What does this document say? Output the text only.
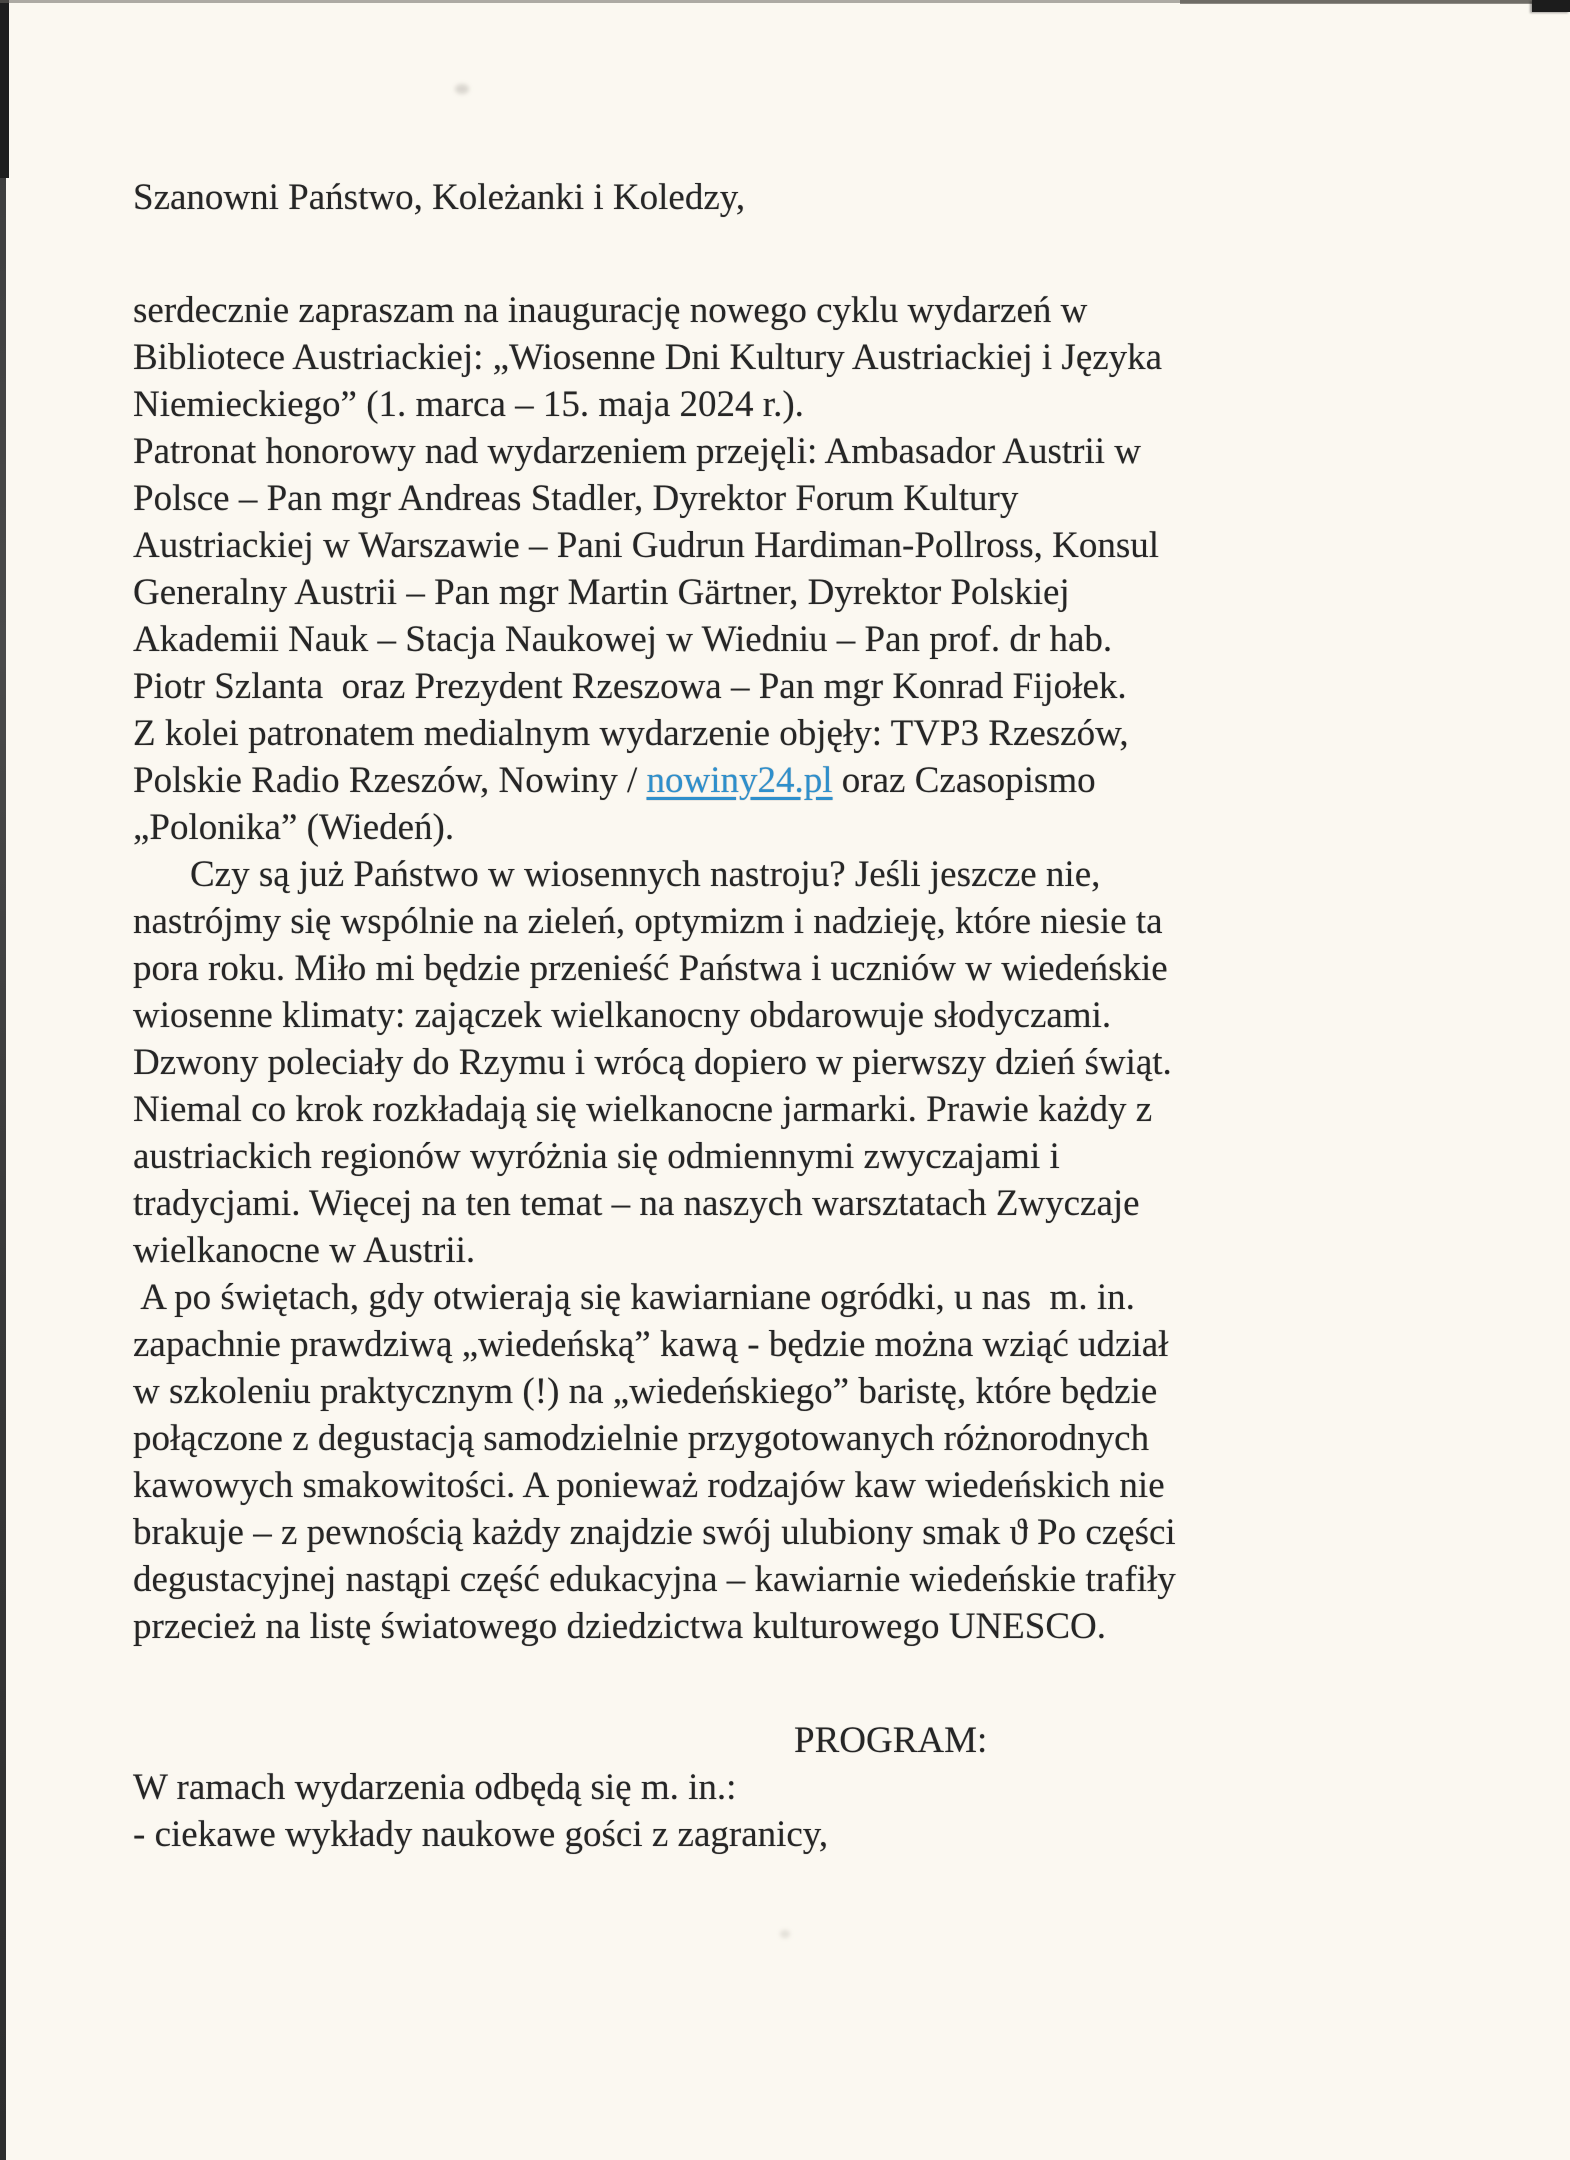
Szanowni Państwo, Koleżanki i Koledzy,
serdecznie zapraszam na inaugurację nowego cyklu wydarzeń w
Bibliotece Austriackiej: „Wiosenne Dni Kultury Austriackiej i Języka
Niemieckiego” (1. marca – 15. maja 2024 r.).
Patronat honorowy nad wydarzeniem przejęli: Ambasador Austrii w
Polsce – Pan mgr Andreas Stadler, Dyrektor Forum Kultury
Austriackiej w Warszawie – Pani Gudrun Hardiman-Pollross, Konsul
Generalny Austrii – Pan mgr Martin Gärtner, Dyrektor Polskiej
Akademii Nauk – Stacja Naukowej w Wiedniu – Pan prof. dr hab.
Piotr Szlanta  oraz Prezydent Rzeszowa – Pan mgr Konrad Fijołek.
Z kolei patronatem medialnym wydarzenie objęły: TVP3 Rzeszów,
Polskie Radio Rzeszów, Nowiny / nowiny24.pl oraz Czasopismo
„Polonika” (Wiedeń).
Czy są już Państwo w wiosennych nastroju? Jeśli jeszcze nie,
nastrójmy się wspólnie na zieleń, optymizm i nadzieję, które niesie ta
pora roku. Miło mi będzie przenieść Państwa i uczniów w wiedeńskie
wiosenne klimaty: zajączek wielkanocny obdarowuje słodyczami.
Dzwony poleciały do Rzymu i wrócą dopiero w pierwszy dzień świąt.
Niemal co krok rozkładają się wielkanocne jarmarki. Prawie każdy z
austriackich regionów wyróżnia się odmiennymi zwyczajami i
tradycjami. Więcej na ten temat – na naszych warsztatach Zwyczaje
wielkanocne w Austrii.
A po świętach, gdy otwierają się kawiarniane ogródki, u nas  m. in.
zapachnie prawdziwą „wiedeńską” kawą - będzie można wziąć udział
w szkoleniu praktycznym (!) na „wiedeńskiego” baristę, które będzie
połączone z degustacją samodzielnie przygotowanych różnorodnych
kawowych smakowitości. A ponieważ rodzajów kaw wiedeńskich nie
brakuje – z pewnością każdy znajdzie swój ulubiony smak ϑ Po części
degustacyjnej nastąpi część edukacyjna – kawiarnie wiedeńskie trafiły
przecież na listę światowego dziedzictwa kulturowego UNESCO.
PROGRAM:
W ramach wydarzenia odbędą się m. in.:
- ciekawe wykłady naukowe gości z zagranicy,
